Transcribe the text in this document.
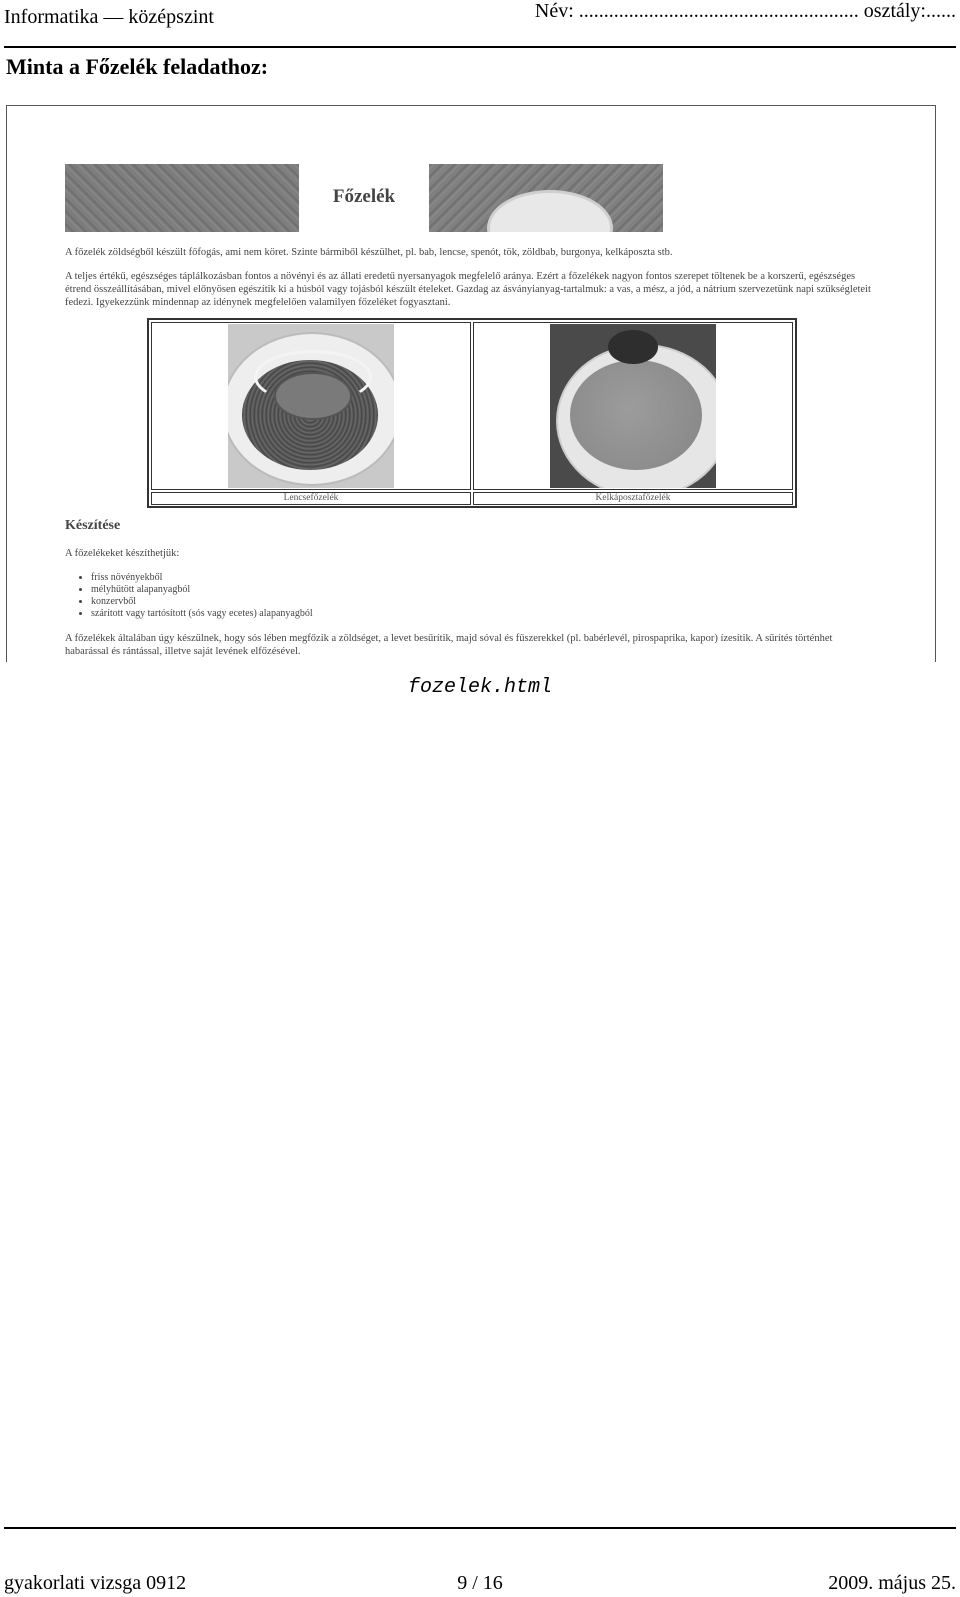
Informatika — középszint	Név: ........................................................ osztály:......
Minta a Főzelék feladathoz:
Főzelék
A főzelék zöldségből készült főfogás, ami nem köret. Szinte bármiből készülhet, pl. bab, lencse, spenót, tök, zöldbab, burgonya, kelkáposzta stb.
A teljes értékű, egészséges táplálkozásban fontos a növényi és az állati eredetű nyersanyagok megfelelő aránya. Ezért a főzelékek nagyon fontos szerepet töltenek be a korszerű, egészséges étrend összeállításában, mivel előnyösen egészítik ki a húsból vagy tojásból készült ételeket. Gazdag az ásványianyag-tartalmuk: a vas, a mész, a jód, a nátrium szervezetünk napi szükségleteit fedezi. Igyekezzünk mindennap az idénynek megfelelően valamilyen főzeléket fogyasztani.
Lencsefőzelék	Kelkáposztafőzelék
Készítése
A főzelékeket készíthetjük:
• friss növényekből
• mélyhűtött alapanyagból
• konzervből
• szárított vagy tartósított (sós vagy ecetes) alapanyagból
A főzelékek általában úgy készülnek, hogy sós lében megfőzik a zöldséget, a levet besűrítik, majd sóval és fűszerekkel (pl. babérlevél, pirospaprika, kapor) ízesítik. A sűrítés történhet habarással és rántással, illetve saját levének elfőzésével.
fozelek.html
gyakorlati vizsga 0912	9 / 16	2009. május 25.
